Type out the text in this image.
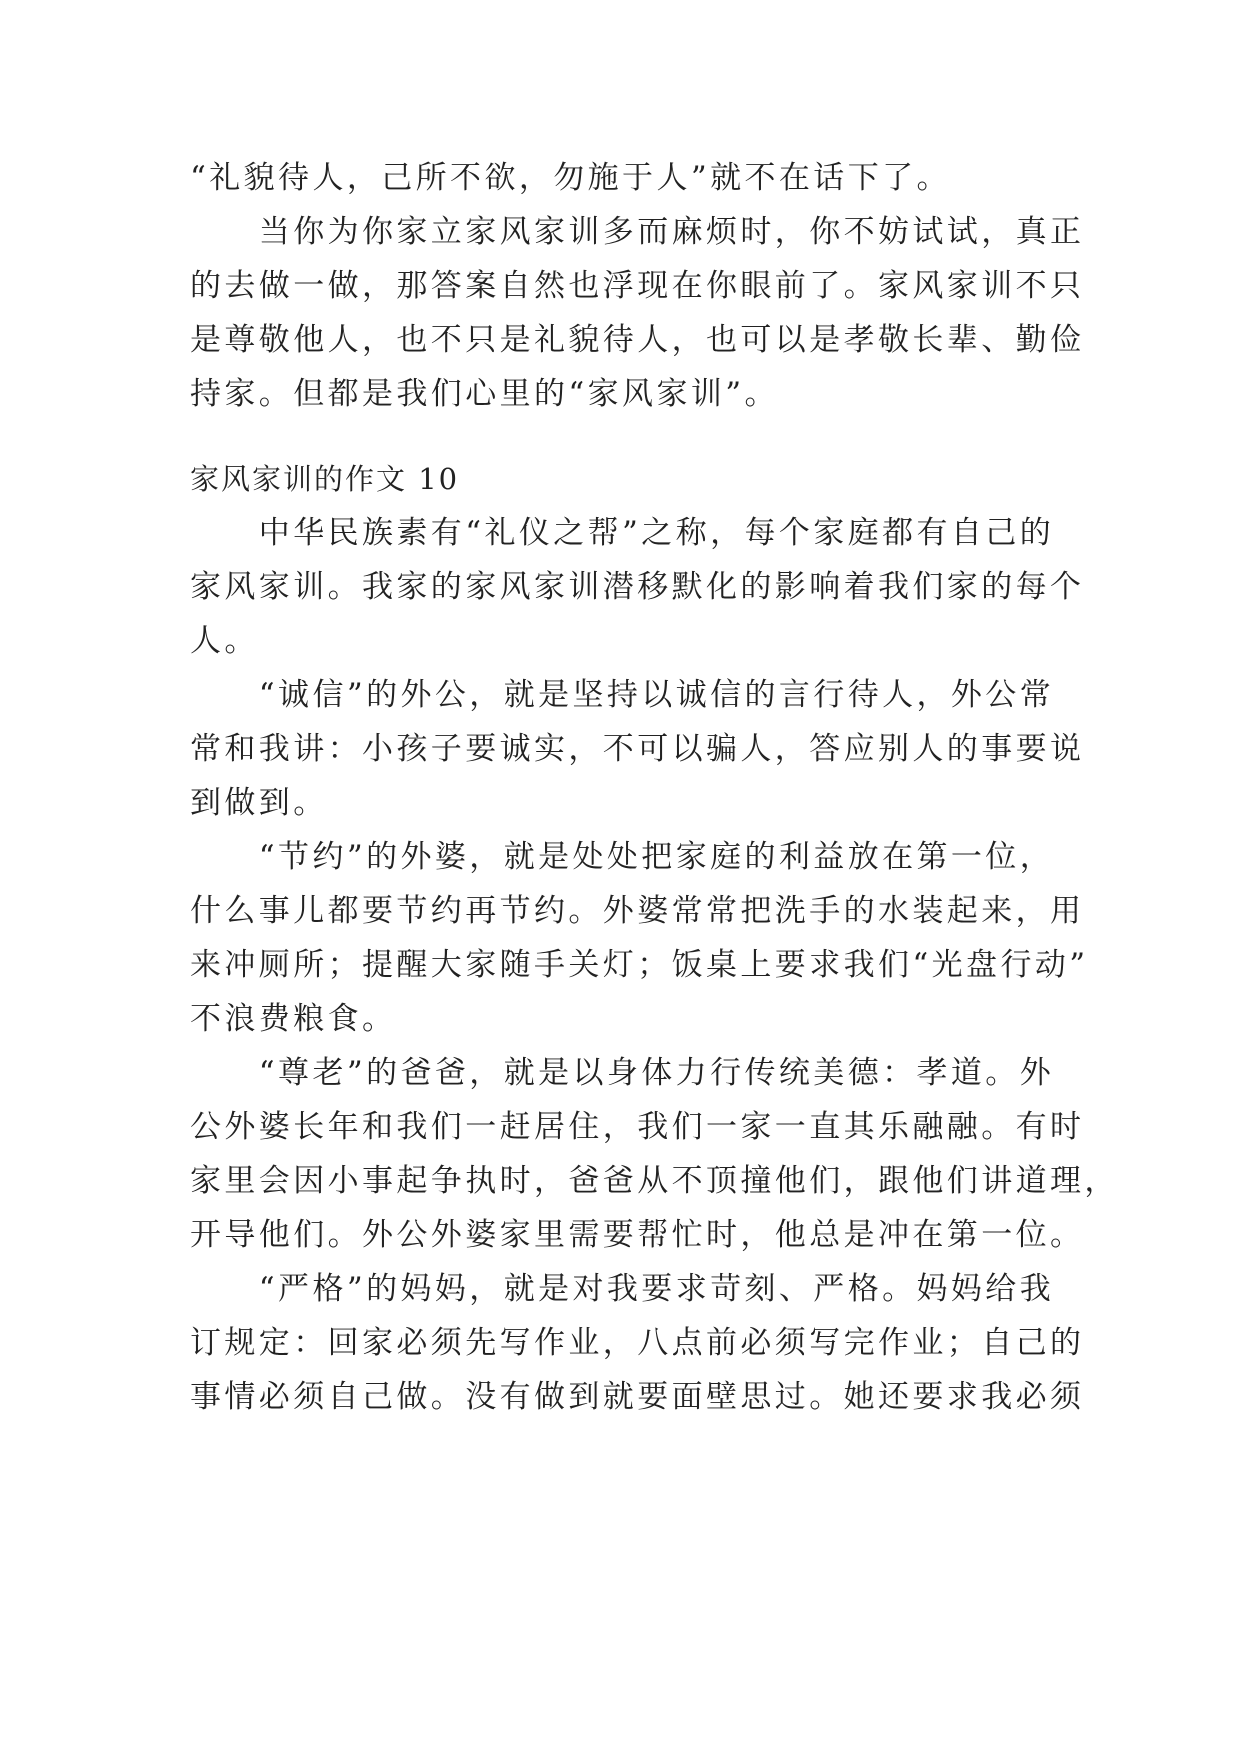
“礼貌待人，己所不欲，勿施于人”就不在话下了。
　　当你为你家立家风家训多而麻烦时，你不妨试试，真正
的去做一做，那答案自然也浮现在你眼前了。家风家训不只
是尊敬他人，也不只是礼貌待人，也可以是孝敬长辈、勤俭
持家。但都是我们心里的“家风家训”。
家风家训的作文 10
　　中华民族素有“礼仪之帮”之称，每个家庭都有自己的
家风家训。我家的家风家训潜移默化的影响着我们家的每个
人。
　　“诚信”的外公，就是坚持以诚信的言行待人，外公常
常和我讲：小孩子要诚实，不可以骗人，答应别人的事要说
到做到。
　　“节约”的外婆，就是处处把家庭的利益放在第一位，
什么事儿都要节约再节约。外婆常常把洗手的水装起来，用
来冲厕所；提醒大家随手关灯；饭桌上要求我们“光盘行动”
不浪费粮食。
　　“尊老”的爸爸，就是以身体力行传统美德：孝道。外
公外婆长年和我们一赶居住，我们一家一直其乐融融。有时
家里会因小事起争执时，爸爸从不顶撞他们，跟他们讲道理，
开导他们。外公外婆家里需要帮忙时，他总是冲在第一位。
　　“严格”的妈妈，就是对我要求苛刻、严格。妈妈给我
订规定：回家必须先写作业，八点前必须写完作业；自己的
事情必须自己做。没有做到就要面壁思过。她还要求我必须
